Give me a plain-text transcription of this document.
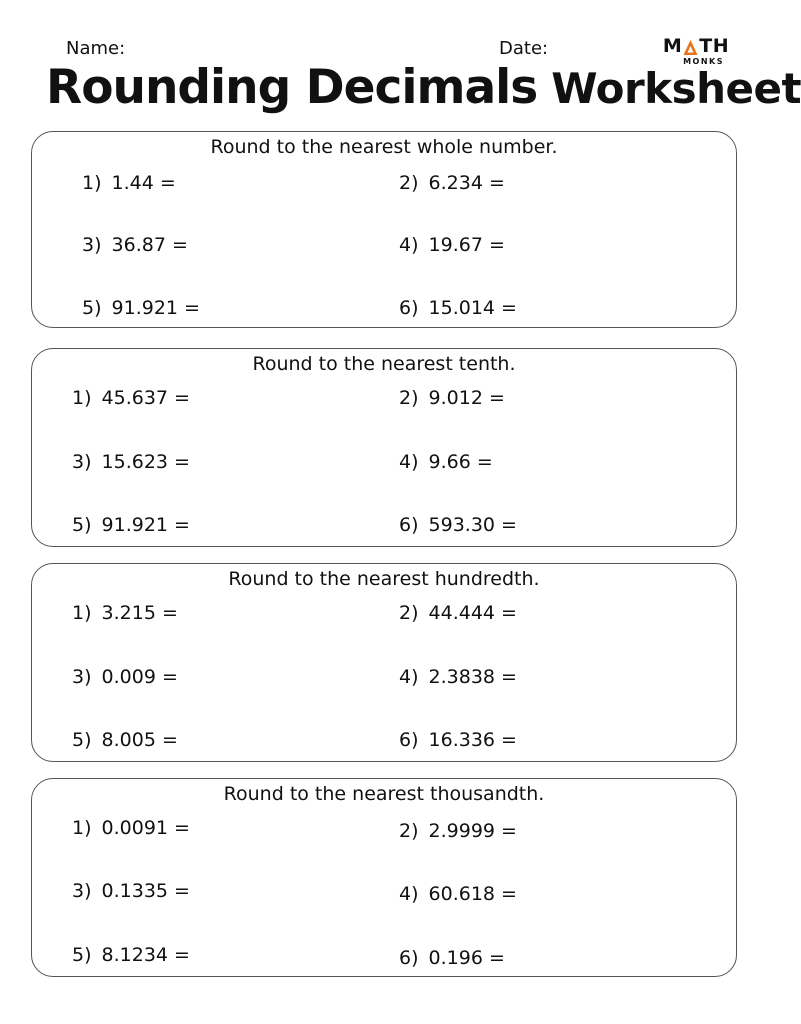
Name:	Date:	M TH
MONKS
Rounding Decimals Worksheet
Round to the nearest whole number.
1) 1.44 =	2) 6.234 =
3) 36.87 =	4) 19.67 =
5) 91.921 =	6) 15.014 =
Round to the nearest tenth.
1) 45.637 =	2) 9.012 =
3) 15.623 =	4) 9.66 =
5) 91.921 =	6) 593.30 =
Round to the nearest hundredth.
1) 3.215 =	2) 44.444 =
3) 0.009 =	4) 2.3838 =
5) 8.005 =	6) 16.336 =
Round to the nearest thousandth.
1) 0.0091 =	2) 2.9999 =
3) 0.1335 =	4) 60.618 =
5) 8.1234 =	6) 0.196 =
